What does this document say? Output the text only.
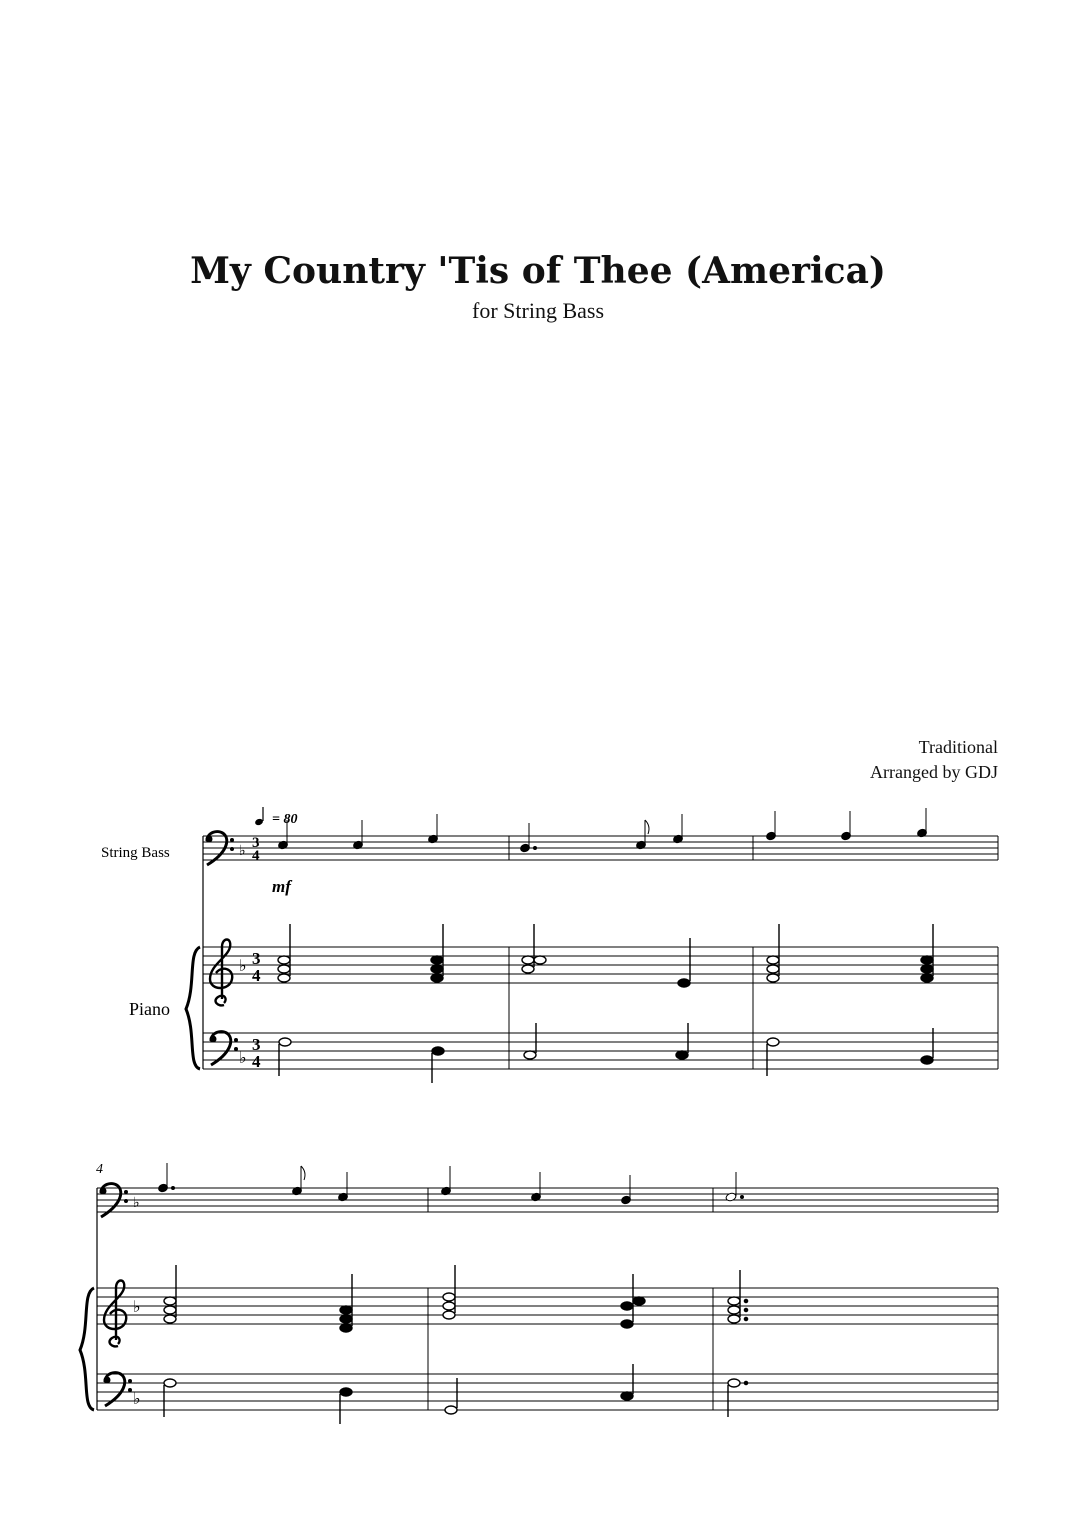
My Country 'Tis of Thee (America)
for String Bass
Traditional
Arranged by GDJ
= 80
String Bass	♭
3
4
mf
Piano
♭ 3
4
♭
3
4
4
♭
♭
♭
